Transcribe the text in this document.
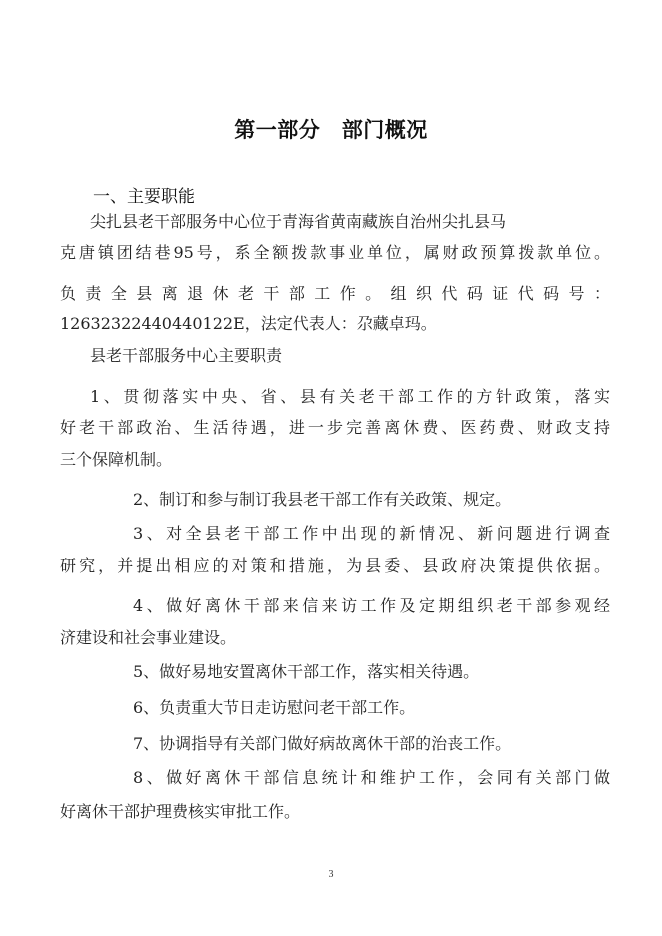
第一部分　部门概况
一、主要职能
尖扎县老干部服务中心位于青海省黄南藏族自治州尖扎县马
克唐镇团结巷95号，系全额拨款事业单位，属财政预算拨款单位。
负责全县离退休老干部工作。组织代码证代码号：
12632322440440122E，法定代表人：尕藏卓玛。
县老干部服务中心主要职责
1、贯彻落实中央、省、县有关老干部工作的方针政策，落实
好老干部政治、生活待遇，进一步完善离休费、医药费、财政支持
三个保障机制。
2、制订和参与制订我县老干部工作有关政策、规定。
3、对全县老干部工作中出现的新情况、新问题进行调查
研究，并提出相应的对策和措施，为县委、县政府决策提供依据。
4、做好离休干部来信来访工作及定期组织老干部参观经
济建设和社会事业建设。
5、做好易地安置离休干部工作，落实相关待遇。
6、负责重大节日走访慰问老干部工作。
7、协调指导有关部门做好病故离休干部的治丧工作。
8、做好离休干部信息统计和维护工作，会同有关部门做
好离休干部护理费核实审批工作。
3
